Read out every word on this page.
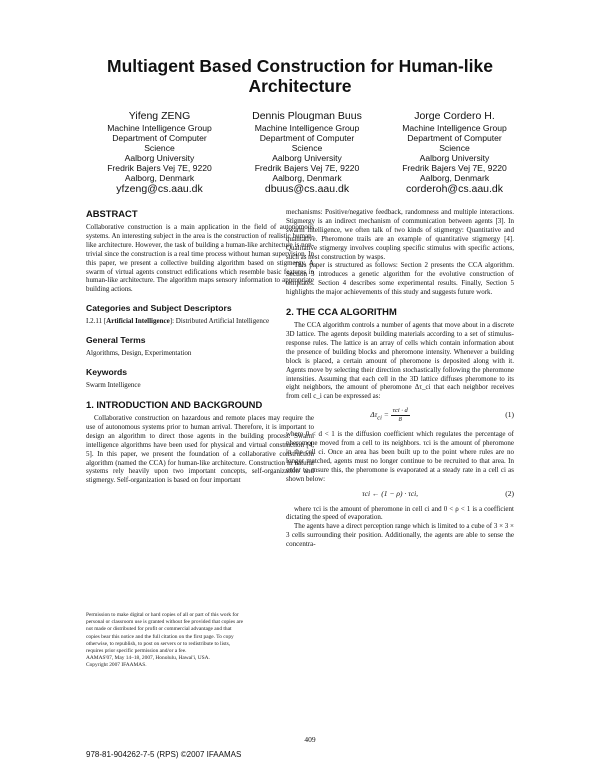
Multiagent Based Construction for Human-like
Architecture
Yifeng ZENG
Machine Intelligence Group
Department of Computer
Science
Aalborg University
Fredrik Bajers Vej 7E, 9220
Aalborg, Denmark
yfzeng@cs.aau.dk
Dennis Plougman Buus
Machine Intelligence Group
Department of Computer
Science
Aalborg University
Fredrik Bajers Vej 7E, 9220
Aalborg, Denmark
dbuus@cs.aau.dk
Jorge Cordero H.
Machine Intelligence Group
Department of Computer
Science
Aalborg University
Fredrik Bajers Vej 7E, 9220
Aalborg, Denmark
corderoh@cs.aau.dk
ABSTRACT

Collaborative construction is a main application in the field of autonomous systems. An interesting subject in the area is the construction of realistic human-like architecture. However, the task of building a human-like architecture is non-trivial since the construction is a real time process without human supervision. In this paper, we present a collective building algorithm based on stigmergy. A swarm of virtual agents construct edifications which resemble basic features in human-like architecture. The algorithm maps sensory information to appropriate building actions.

Categories and Subject Descriptors

I.2.11 [Artificial Intelligence]: Distributed Artificial Intelligence

General Terms

Algorithms, Design, Experimentation

Keywords

Swarm Intelligence

1. INTRODUCTION AND BACKGROUND

Collaborative construction on hazardous and remote places may require the use of autonomous systems prior to human arrival. Therefore, it is important to design an algorithm to direct those agents in the building process. Swarm intelligence algorithms have been used for physical and virtual construction [4, 5]. In this paper, we present the foundation of a collaborative construction algorithm (named the CCA) for human-like architecture. Construction in natural systems rely heavily upon two important concepts, self-organization and stigmergy. Self-organization is based on four important

mechanisms: Positive/negative feedback, randomness and multiple interactions. Stigmergy is an indirect mechanism of communication between agents [3]. In swarm intelligence, we often talk of two kinds of stigmergy: Quantitative and qualitative. Pheromone trails are an example of quantitative stigmergy [4]. Qualitative stigmergy involves coupling specific stimulus with specific actions, such as nest construction by wasps.

This paper is structured as follows: Section 2 presents the CCA algorithm. Section 3 introduces a genetic algorithm for the evolutive construction of templates. Section 4 describes some experimental results. Finally, Section 5 highlights the major achievements of this study and suggests future work.

2. THE CCA ALGORITHM

The CCA algorithm controls a number of agents that move about in a discrete 3D lattice. The agents deposit building materials according to a set of stimulus-response rules. The lattice is an array of cells which contain information about the presence of building blocks and pheromone intensity. Whenever a building block is placed, a certain amount of pheromone is deposited along with it. Agents move by selecting their direction stochastically following the pheromone intensities. Assuming that each cell in the 3D lattice diffuses pheromone to its eight neighbors, the amount of pheromone Δτ_ci that each neighbor receives from cell c_i can be expressed as:

$\Delta\tau_{ci} = \frac{\text{τci · d}}{8}$	(1)

where 0 < d < 1 is the diffusion coefficient which regulates the percentage of pheromone moved from a cell to its neighbors. τci is the amount of pheromone in the cell ci. Once an area has been built up to the point where rules are no longer matched, agents must no longer continue to be recruited to that area. In order to ensure this, the pheromone is evaporated at a steady rate in a cell ci as shown below:

τci ← (1 − ρ) · τci,	(2)

where τci is the amount of pheromone in cell ci and 0 < ρ < 1 is a coefficient dictating the speed of evaporation.

The agents have a direct perception range which is limited to a cube of 3 × 3 × 3 cells surrounding their position. Additionally, the agents are able to sense the concentra-

Permission to make digital or hard copies of all or part of this work for

personal or classroom use is granted without fee provided that copies are

not made or distributed for profit or commercial advantage and that

copies bear this notice and the full citation on the first page. To copy

otherwise, to republish, to post on servers or to redistribute to lists,

requires prior specific permission and/or a fee.

AAMAS'07, May 14–18, 2007, Honolulu, Hawai'i, USA.

Copyright 2007 IFAAMAS.

409
978-81-904262-7-5 (RPS) ©2007 IFAAMAS
